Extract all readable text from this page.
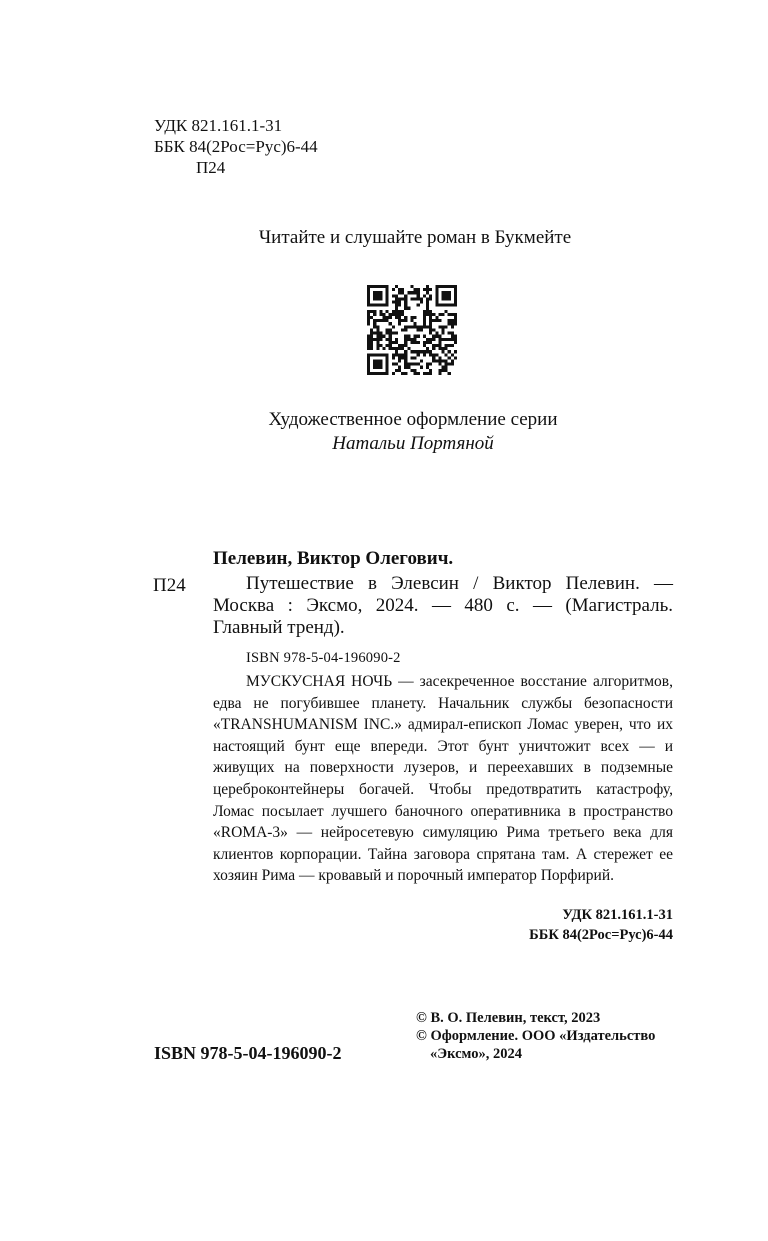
УДК 821.161.1-31
ББК 84(2Рос=Рус)6-44
П24
Читайте и слушайте роман в Букмейте
Художественное оформление серии
Натальи Портяной
Пелевин, Виктор Олегович.
П24	Путешествие в Элевсин / Виктор Пелевин. — Москва : Эксмо, 2024. — 480 с. — (Магистраль. Главный тренд).
ISBN 978-5-04-196090-2
МУСКУСНАЯ НОЧЬ — засекреченное восстание алгоритмов, едва не погубившее планету. Начальник службы безопасности «TRANSHUMANISM INC.» адмирал-епископ Ломас уверен, что их настоящий бунт еще впереди. Этот бунт уничтожит всех — и живущих на поверхности лузеров, и переехавших в подземные цереброконтейнеры богачей. Чтобы предотвратить катастрофу, Ломас посылает лучшего баночного оперативника в пространство «ROMA-3» — нейросетевую симуляцию Рима третьего века для клиентов корпорации. Тайна заговора спрятана там. А стережет ее хозяин Рима — кровавый и порочный император Порфирий.
УДК 821.161.1-31
ББК 84(2Рос=Рус)6-44
ISBN 978-5-04-196090-2
© В. О. Пелевин, текст, 2023
© Оформление. ООО «Издательство
«Эксмо», 2024
